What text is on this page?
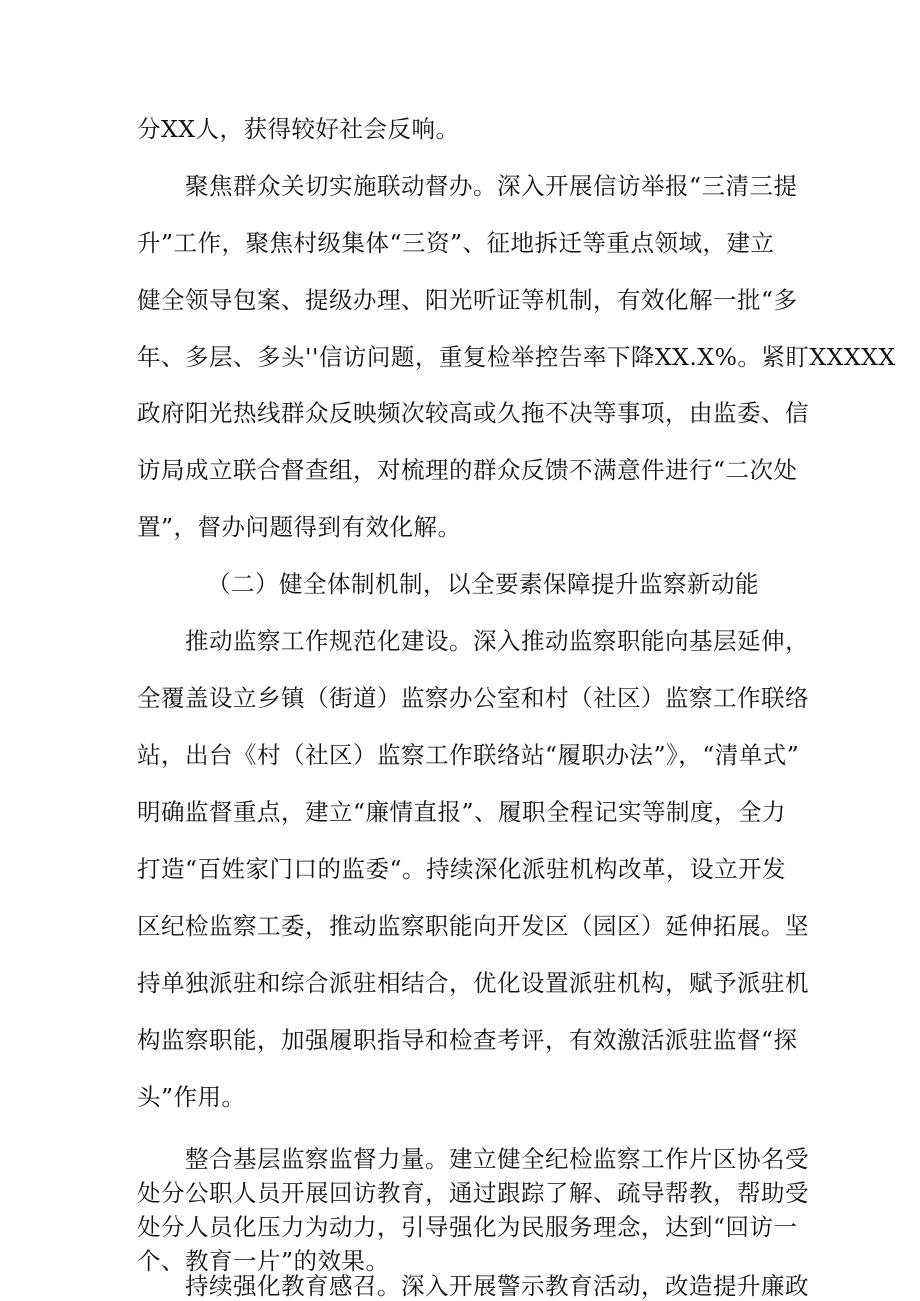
分XX人，获得较好社会反响。
聚焦群众关切实施联动督办。深入开展信访举报“三清三提
升”工作，聚焦村级集体“三资”、征地拆迁等重点领域，建立
健全领导包案、提级办理、阳光听证等机制，有效化解一批“多
年、多层、多头''信访问题，重复检举控告率下降XX.X%。紧盯XXXXX
政府阳光热线群众反映频次较高或久拖不决等事项，由监委、信
访局成立联合督查组，对梳理的群众反馈不满意件进行“二次处
置”，督办问题得到有效化解。
（二）健全体制机制，以全要素保障提升监察新动能
推动监察工作规范化建设。深入推动监察职能向基层延伸，
全覆盖设立乡镇（街道）监察办公室和村（社区）监察工作联络
站，出台《村（社区）监察工作联络站“履职办法”》，“清单式”
明确监督重点，建立“廉情直报”、履职全程记实等制度，全力
打造“百姓家门口的监委“。持续深化派驻机构改革，设立开发
区纪检监察工委，推动监察职能向开发区（园区）延伸拓展。坚
持单独派驻和综合派驻相结合，优化设置派驻机构，赋予派驻机
构监察职能，加强履职指导和检查考评，有效激活派驻监督“探
头”作用。
整合基层监察监督力量。建立健全纪检监察工作片区协名受
处分公职人员开展回访教育，通过跟踪了解、疏导帮教，帮助受
处分人员化压力为动力，引导强化为民服务理念，达到“回访一
个、教育一片”的效果。
持续强化教育感召。深入开展警示教育活动，改造提升廉政
